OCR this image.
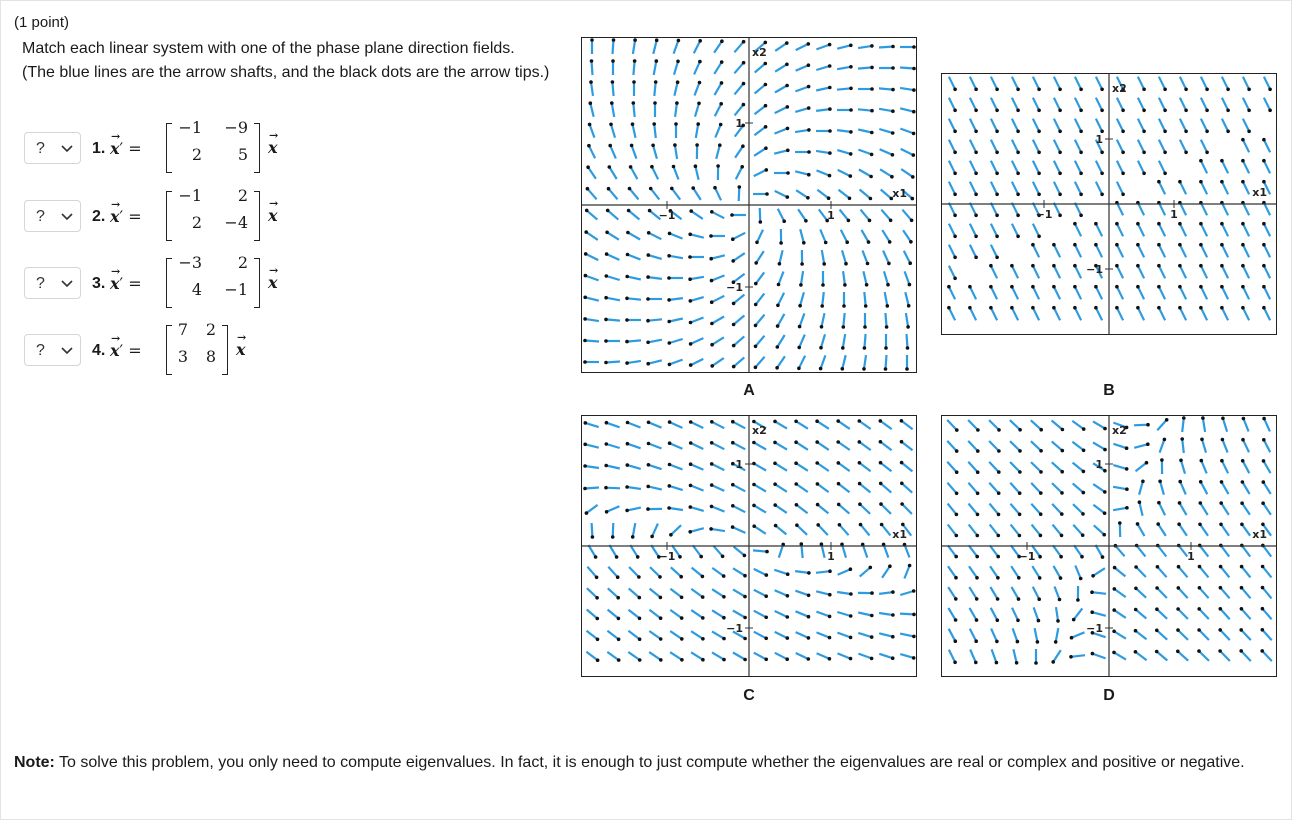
(1 point)
Match each linear system with one of the phase plane direction fields. (The blue lines are the arrow shafts, and the black dots are the arrow tips.)
?	1.
→
x′ =
−1	−9
2	5
→
x
?	2.
→
x′ =
−1	2
2	−4
→
x
?	3.
→
x′ =
−3	2
4	−1
→
x
?	4.
→
x′ =
7	2
3	8
→
x
x2
x1
−1	1
1
−1
A
x2
x1
−1	1
1
−1
B
x2
x1
−1	1
1
−1
C
x2
x1
−1	1
1
−1
D
Note: To solve this problem, you only need to compute eigenvalues. In fact, it is enough to just compute whether the eigenvalues are real or complex and positive or negative.
